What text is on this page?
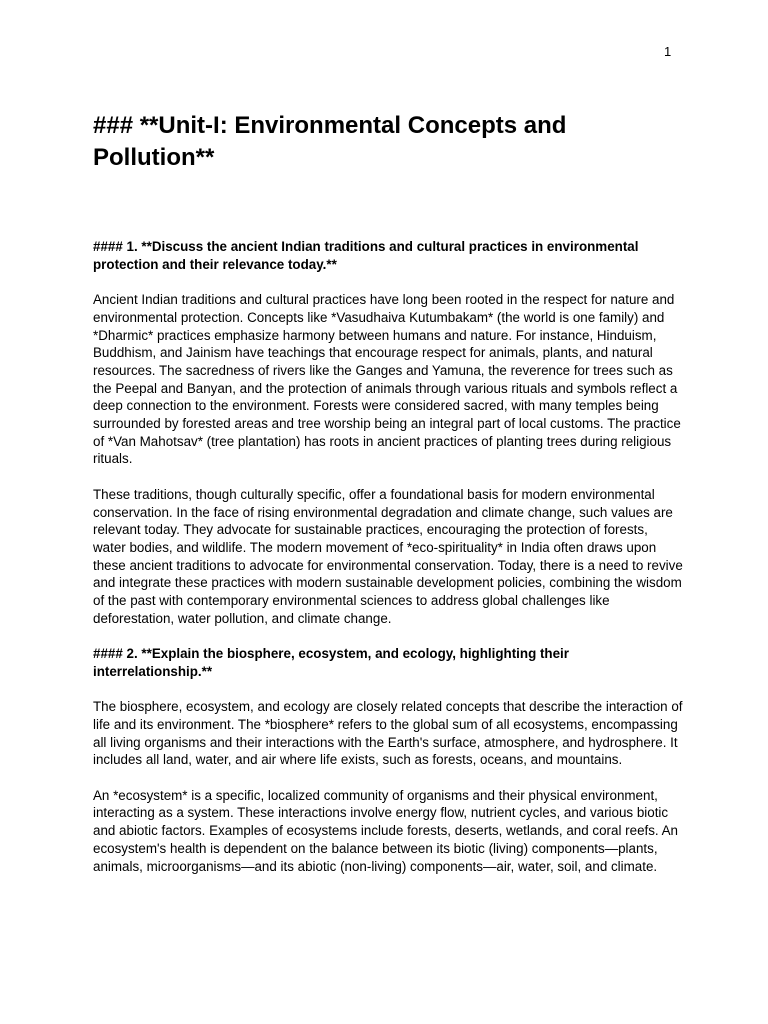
1
### **Unit-I: Environmental Concepts and Pollution**

#### 1. **Discuss the ancient Indian traditions and cultural practices in environmental protection and their relevance today.**

Ancient Indian traditions and cultural practices have long been rooted in the respect for nature and environmental protection. Concepts like *Vasudhaiva Kutumbakam* (the world is one family) and *Dharmic* practices emphasize harmony between humans and nature. For instance, Hinduism, Buddhism, and Jainism have teachings that encourage respect for animals, plants, and natural resources. The sacredness of rivers like the Ganges and Yamuna, the reverence for trees such as the Peepal and Banyan, and the protection of animals through various rituals and symbols reflect a deep connection to the environment. Forests were considered sacred, with many temples being surrounded by forested areas and tree worship being an integral part of local customs. The practice of *Van Mahotsav* (tree plantation) has roots in ancient practices of planting trees during religious rituals.

These traditions, though culturally specific, offer a foundational basis for modern environmental conservation. In the face of rising environmental degradation and climate change, such values are relevant today. They advocate for sustainable practices, encouraging the protection of forests, water bodies, and wildlife. The modern movement of *eco-spirituality* in India often draws upon these ancient traditions to advocate for environmental conservation. Today, there is a need to revive and integrate these practices with modern sustainable development policies, combining the wisdom of the past with contemporary environmental sciences to address global challenges like deforestation, water pollution, and climate change.

#### 2. **Explain the biosphere, ecosystem, and ecology, highlighting their interrelationship.**

The biosphere, ecosystem, and ecology are closely related concepts that describe the interaction of life and its environment. The *biosphere* refers to the global sum of all ecosystems, encompassing all living organisms and their interactions with the Earth's surface, atmosphere, and hydrosphere. It includes all land, water, and air where life exists, such as forests, oceans, and mountains.

An *ecosystem* is a specific, localized community of organisms and their physical environment, interacting as a system. These interactions involve energy flow, nutrient cycles, and various biotic and abiotic factors. Examples of ecosystems include forests, deserts, wetlands, and coral reefs. An ecosystem's health is dependent on the balance between its biotic (living) components—plants, animals, microorganisms—and its abiotic (non-living) components—air, water, soil, and climate.
